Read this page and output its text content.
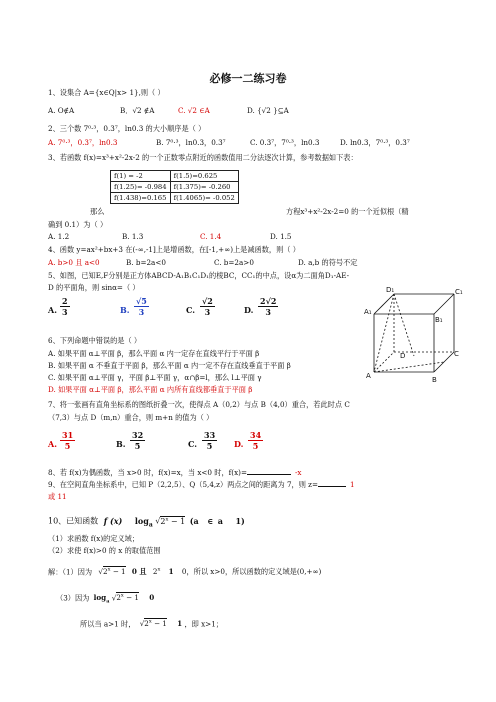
必修一二练习卷
1、设集合 A={x∈Q|x> 1},则（ ）
A. O∉A	B．√2 ∉A	C. √2 ∈A	D. {√2 }⊆A
2、三个数 7⁰·³，0.3⁷，ln0.3 的大小顺序是（ ）
A. 7⁰·³，0.3⁷，ln0.3	B. 7⁰·³，ln0.3，0.3⁷	C. 0.3⁷，7⁰·³，ln0.3	D. ln0.3，7⁰·³，0.3⁷
3、若函数 f(x)=x³+x²-2x-2 的一个正数零点附近的函数值用二分法逐次计算，参考数据如下表：
f(1) = -2	f(1.5)=0.625
f(1.25)= -0.984	f(1.375)= -0.260
f(1.438)=0.165	f(1.4065)= -0.052
那么	方程x³+x²-2x-2=0 的一个近似根（精
确到 0.1）为（ ）
A. 1.2	B. 1.3	C. 1.4	D. 1.5
4、函数 y=ax²+bx+3 在(-∞,-1]上是增函数，在[-1,+∞)上是减函数，则（ ）
A. b>0 且 a<0	B. b=2a<0	C. b=2a>0	D. a,b 的符号不定
5、如图，已知E,F分别是正方体ABCD-A₁B₁C₁D₁的棱BC，CC₁的中点，设α为二面角D₁-AE-
D 的平面角，则 sinα=（ ）
A. $\frac{2}{3}$	B. $\frac{√5}{3}$	C. $\frac{√2}{3}$	D. $\frac{2√2}{3}$
D₁	C₁
A₁
B₁
D	C
A	B
6、下列命题中错误的是（ ）
A. 如果平面 α⊥平面 β，那么平面 α 内一定存在直线平行于平面 β
B. 如果平面 α 不垂直于平面 β，那么平面 α 内一定不存在直线垂直于平面 β
C. 如果平面 α⊥平面 γ，平面 β⊥平面 γ，α∩β=l，那么 l⊥平面 γ
D. 如果平面 α⊥平面 β，那么平面 α 内所有直线都垂直于平面 β
7、将一张画有直角坐标系的图纸折叠一次，使得点 A（0,2）与点 B（4,0）重合，若此时点 C
（7,3）与点 D（m,n）重合，则 m+n 的值为（ ）
A. $\frac{31}{5}$	B. $\frac{32}{5}$	C. $\frac{33}{5} D$. $\frac{34}{5}$
8、若 f(x)为偶函数，当 x>0 时，f(x)=x，当 x<0 时，f(x)=	-x
9、在空间直角坐标系中，已知 P（2,2,5）、Q（5,4,z）两点之间的距离为 7，则 z=	1
或 11
10、已知函数 f (x) $\log_a √2^x - 1$ (a ∈ a 1)
（1）求函数 f(x)的定义域；
（2）求使 f(x)>0 的 x 的取值范围
解：（1）因为 $√2^x - 1$ 0 且 2$^x$ 1 0，所以 x>0，所以函数的定义域是(0,+∞)
（3）因为 $\log_a √2^x - 1$ 0
所以当 a>1 时， $√2^x - 1$ 1 ，即 x>1；
